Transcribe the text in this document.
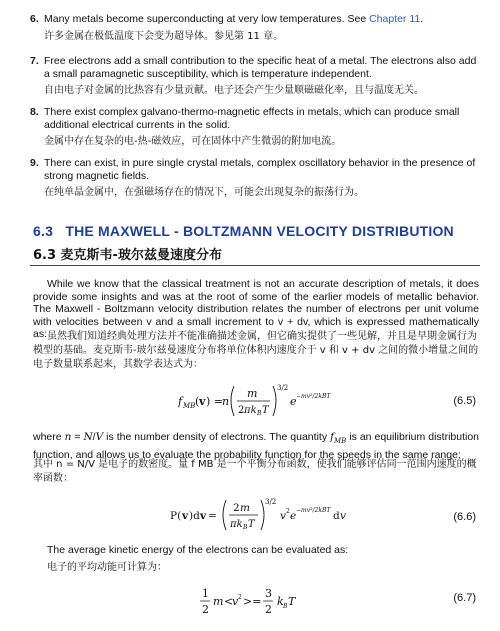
6. Many metals become superconducting at very low temperatures. See Chapter 11.
许多金属在极低温度下会变为超导体。参见第 11 章。
7. Free electrons add a small contribution to the specific heat of a metal. The electrons also add a small paramagnetic susceptibility, which is temperature independent.
自由电子对金属的比热容有少量贡献。电子还会产生少量顺磁磁化率，且与温度无关。
8. There exist complex galvano-thermo-magnetic effects in metals, which can produce small additional electrical currents in the solid.
金属中存在复杂的电-热-磁效应，可在固体中产生微弱的附加电流。
9. There can exist, in pure single crystal metals, complex oscillatory behavior in the presence of strong magnetic fields.
在纯单晶金属中，在强磁场存在的情况下，可能会出现复杂的振荡行为。
6.3   THE MAXWELL - BOLTZMANN VELOCITY DISTRIBUTION
6.3 麦克斯韦-玻尔兹曼速度分布
While we know that the classical treatment is not an accurate description of metals, it does provide some insights and was at the root of some of the earlier models of metallic behavior. The Maxwell - Boltzmann velocity distribution relates the number of electrons per unit volume with velocities between v and a small increment to v + dv, which is expressed mathematically as: 虽然我们知道经典处理方法并不能准确描述金属，但它确实提供了一些见解，并且是早期金属行为模型的基础。麦克斯韦-玻尔兹曼速度分布将单位体积内速度介于 v 和 v + dv 之间的微小增量之间的电子数量联系起来，其数学表达式为：
f MB ( v ) =
n
m
2 πk B T
3/2
e −mv²/2kBT	(6.5)
where n = N/V is the number density of electrons. The quantity $f_{MB}$ is an equilibrium distribution function, and allows us to evaluate the probability function for the speeds in the same range:
其中 n = N/V 是电子的数密度。量 f MB 是一个平衡分布函数，使我们能够评估同一范围内速度的概率函数：
P( v )d v =
2 m
πk B T
3/2
v 2 e −mv²/2kBT d v	(6.6)
The average kinetic energy of the electrons can be evaluated as:
电子的平均动能可计算为：
1
2
m <
v 2 >=
3
2
k B T	(6.7)
